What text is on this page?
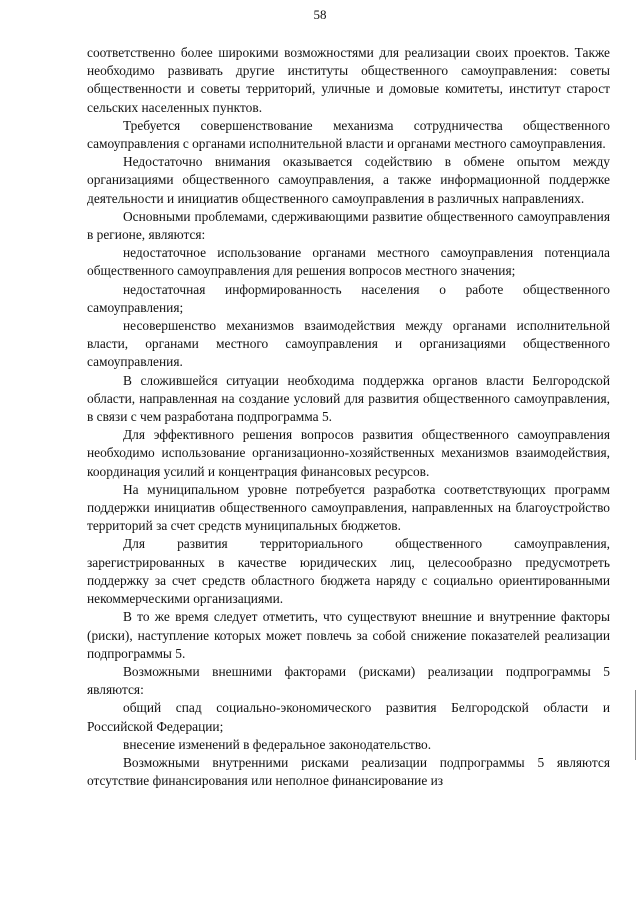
58

соответственно более широкими возможностями для реализации своих проектов. Также необходимо развивать другие институты общественного самоуправления: советы общественности и советы территорий, уличные и домовые комитеты, институт старост сельских населенных пунктов.

Требуется совершенствование механизма сотрудничества общественного самоуправления с органами исполнительной власти и органами местного самоуправления.

Недостаточно внимания оказывается содействию в обмене опытом между организациями общественного самоуправления, а также информационной поддержке деятельности и инициатив общественного самоуправления в различных направлениях.

Основными проблемами, сдерживающими развитие общественного самоуправления в регионе, являются:

недостаточное использование органами местного самоуправления потенциала общественного самоуправления для решения вопросов местного значения;

недостаточная информированность населения о работе общественного самоуправления;

несовершенство механизмов взаимодействия между органами исполнительной власти, органами местного самоуправления и организациями общественного самоуправления.

В сложившейся ситуации необходима поддержка органов власти Белгородской области, направленная на создание условий для развития общественного самоуправления, в связи с чем разработана подпрограмма 5.

Для эффективного решения вопросов развития общественного самоуправления необходимо использование организационно-хозяйственных механизмов взаимодействия, координация усилий и концентрация финансовых ресурсов.

На муниципальном уровне потребуется разработка соответствующих программ поддержки инициатив общественного самоуправления, направленных на благоустройство территорий за счет средств муниципальных бюджетов.

Для развития территориального общественного самоуправления, зарегистрированных в качестве юридических лиц, целесообразно предусмотреть поддержку за счет средств областного бюджета наряду с социально ориентированными некоммерческими организациями.

В то же время следует отметить, что существуют внешние и внутренние факторы (риски), наступление которых может повлечь за собой снижение показателей реализации подпрограммы 5.

Возможными внешними факторами (рисками) реализации подпрограммы 5 являются:

общий спад социально-экономического развития Белгородской области и Российской Федерации;

внесение изменений в федеральное законодательство.

Возможными внутренними рисками реализации подпрограммы 5 являются отсутствие финансирования или неполное финансирование из
